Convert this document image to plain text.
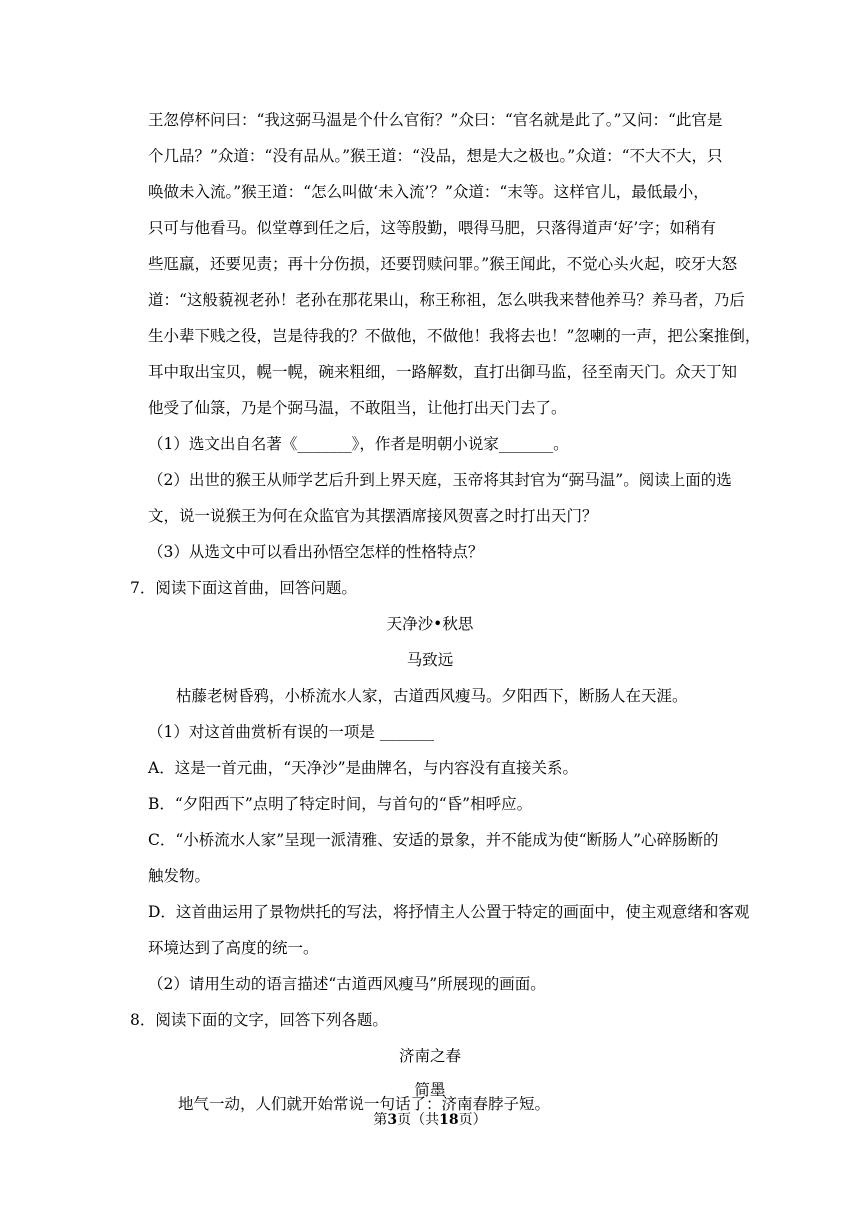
王忽停杯问曰：“我这弼马温是个什么官衔？”众曰：“官名就是此了。”又问：“此官是
个几品？”众道：“没有品从。”猴王道：“没品，想是大之极也。”众道：“不大不大，只
唤做未入流。”猴王道：“怎么叫做‘未入流’？”众道：“末等。这样官儿，最低最小，
只可与他看马。似堂尊到任之后，这等殷勤，喂得马肥，只落得道声‘好’字；如稍有
些尫羸，还要见责；再十分伤损，还要罚赎问罪。”猴王闻此，不觉心头火起，咬牙大怒
道：“这般藐视老孙！老孙在那花果山，称王称祖，怎么哄我来替他养马？养马者，乃后
生小辈下贱之役，岂是待我的？不做他，不做他！我将去也！”忽喇的一声，把公案推倒，
耳中取出宝贝，幌一幌，碗来粗细，一路解数，直打出御马监，径至南天门。众天丁知
他受了仙箓，乃是个弼马温，不敢阻当，让他打出天门去了。
（1）选文出自名著《_______》，作者是明朝小说家_______。
（2）出世的猴王从师学艺后升到上界天庭，玉帝将其封官为“弼马温”。阅读上面的选
文，说一说猴王为何在众监官为其摆酒席接风贺喜之时打出天门？
（3）从选文中可以看出孙悟空怎样的性格特点？
7．阅读下面这首曲，回答问题。
天净沙•秋思
马致远
枯藤老树昏鸦，小桥流水人家，古道西风瘦马。夕阳西下，断肠人在天涯。
（1）对这首曲赏析有误的一项是 _______
A．这是一首元曲，“天净沙”是曲牌名，与内容没有直接关系。
B．“夕阳西下”点明了特定时间，与首句的“昏”相呼应。
C．“小桥流水人家”呈现一派清雅、安适的景象，并不能成为使“断肠人”心碎肠断的
触发物。
D．这首曲运用了景物烘托的写法，将抒情主人公置于特定的画面中，使主观意绪和客观
环境达到了高度的统一。
（2）请用生动的语言描述“古道西风瘦马”所展现的画面。
8．阅读下面的文字，回答下列各题。
济南之春
简墨
第3页（共18页）
地气一动，人们就开始常说一句话了：济南春脖子短。
